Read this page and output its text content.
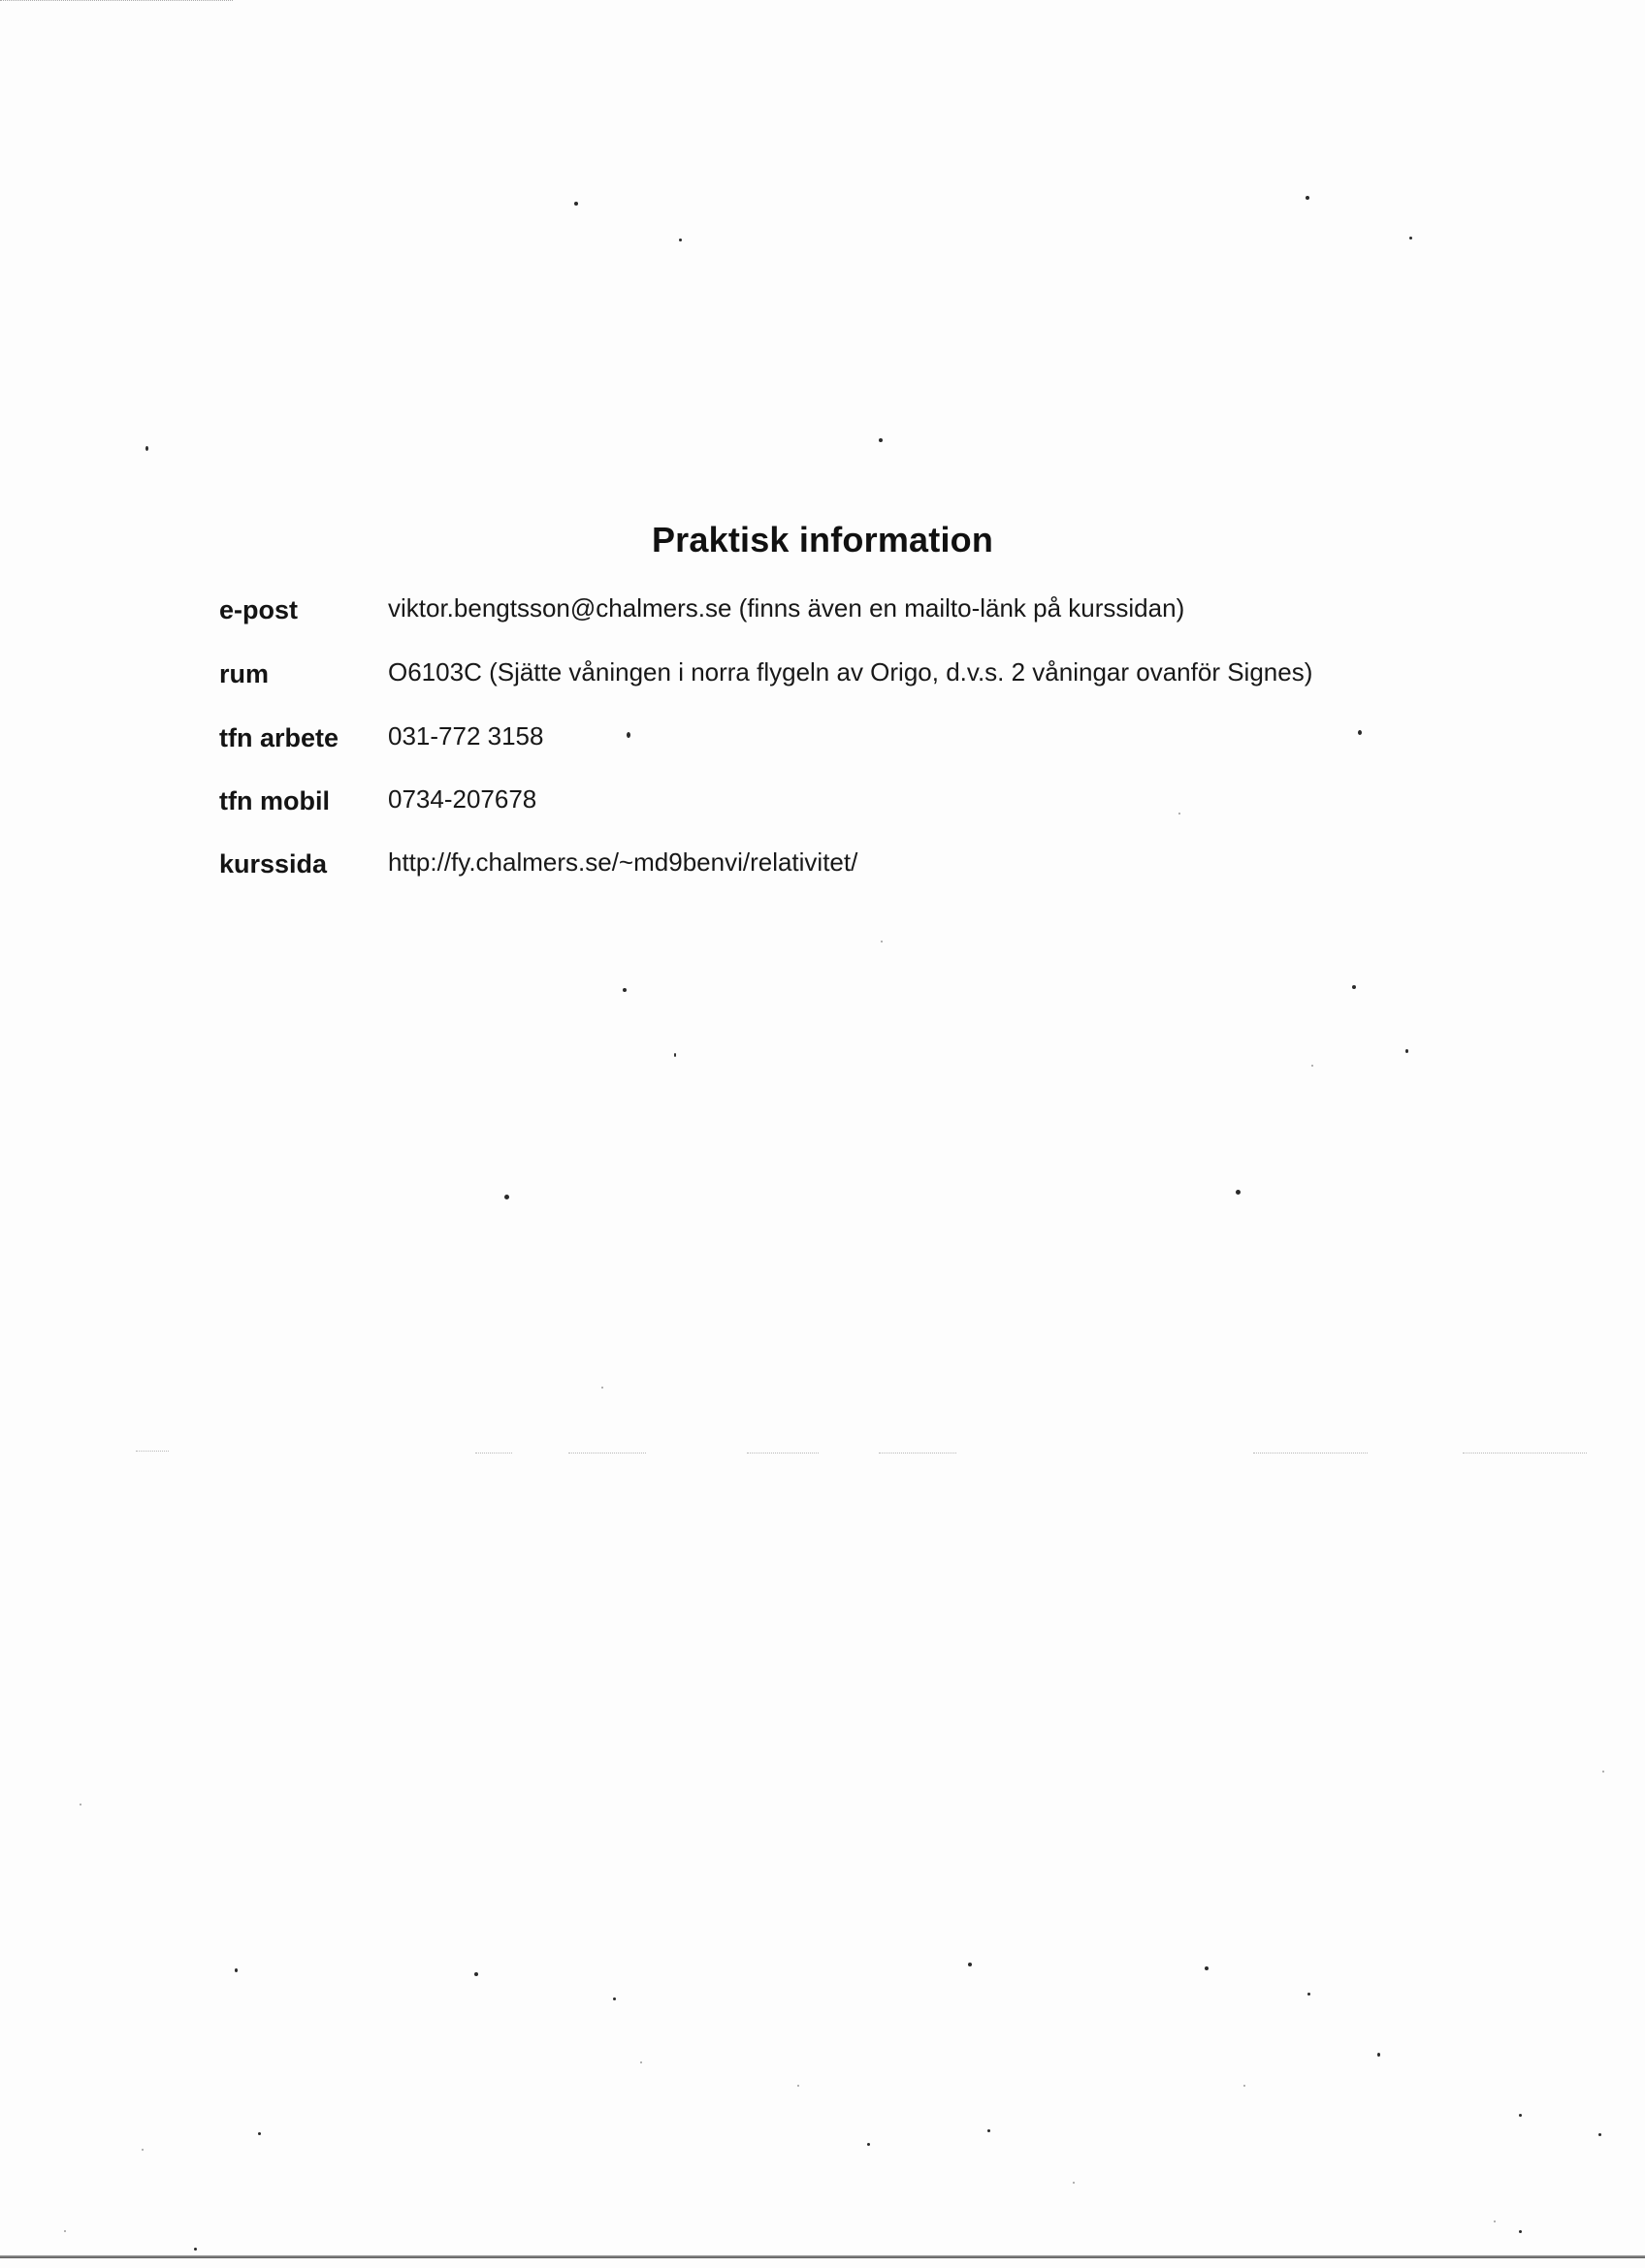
Praktisk information
e-post	viktor.bengtsson@chalmers.se (finns även en mailto-länk på kurssidan)
rum	O6103C (Sjätte våningen i norra flygeln av Origo, d.v.s. 2 våningar ovanför Signes)
tfn arbete 031-772 3158
tfn mobil 0734-207678
kurssida http://fy.chalmers.se/~md9benvi/relativitet/
